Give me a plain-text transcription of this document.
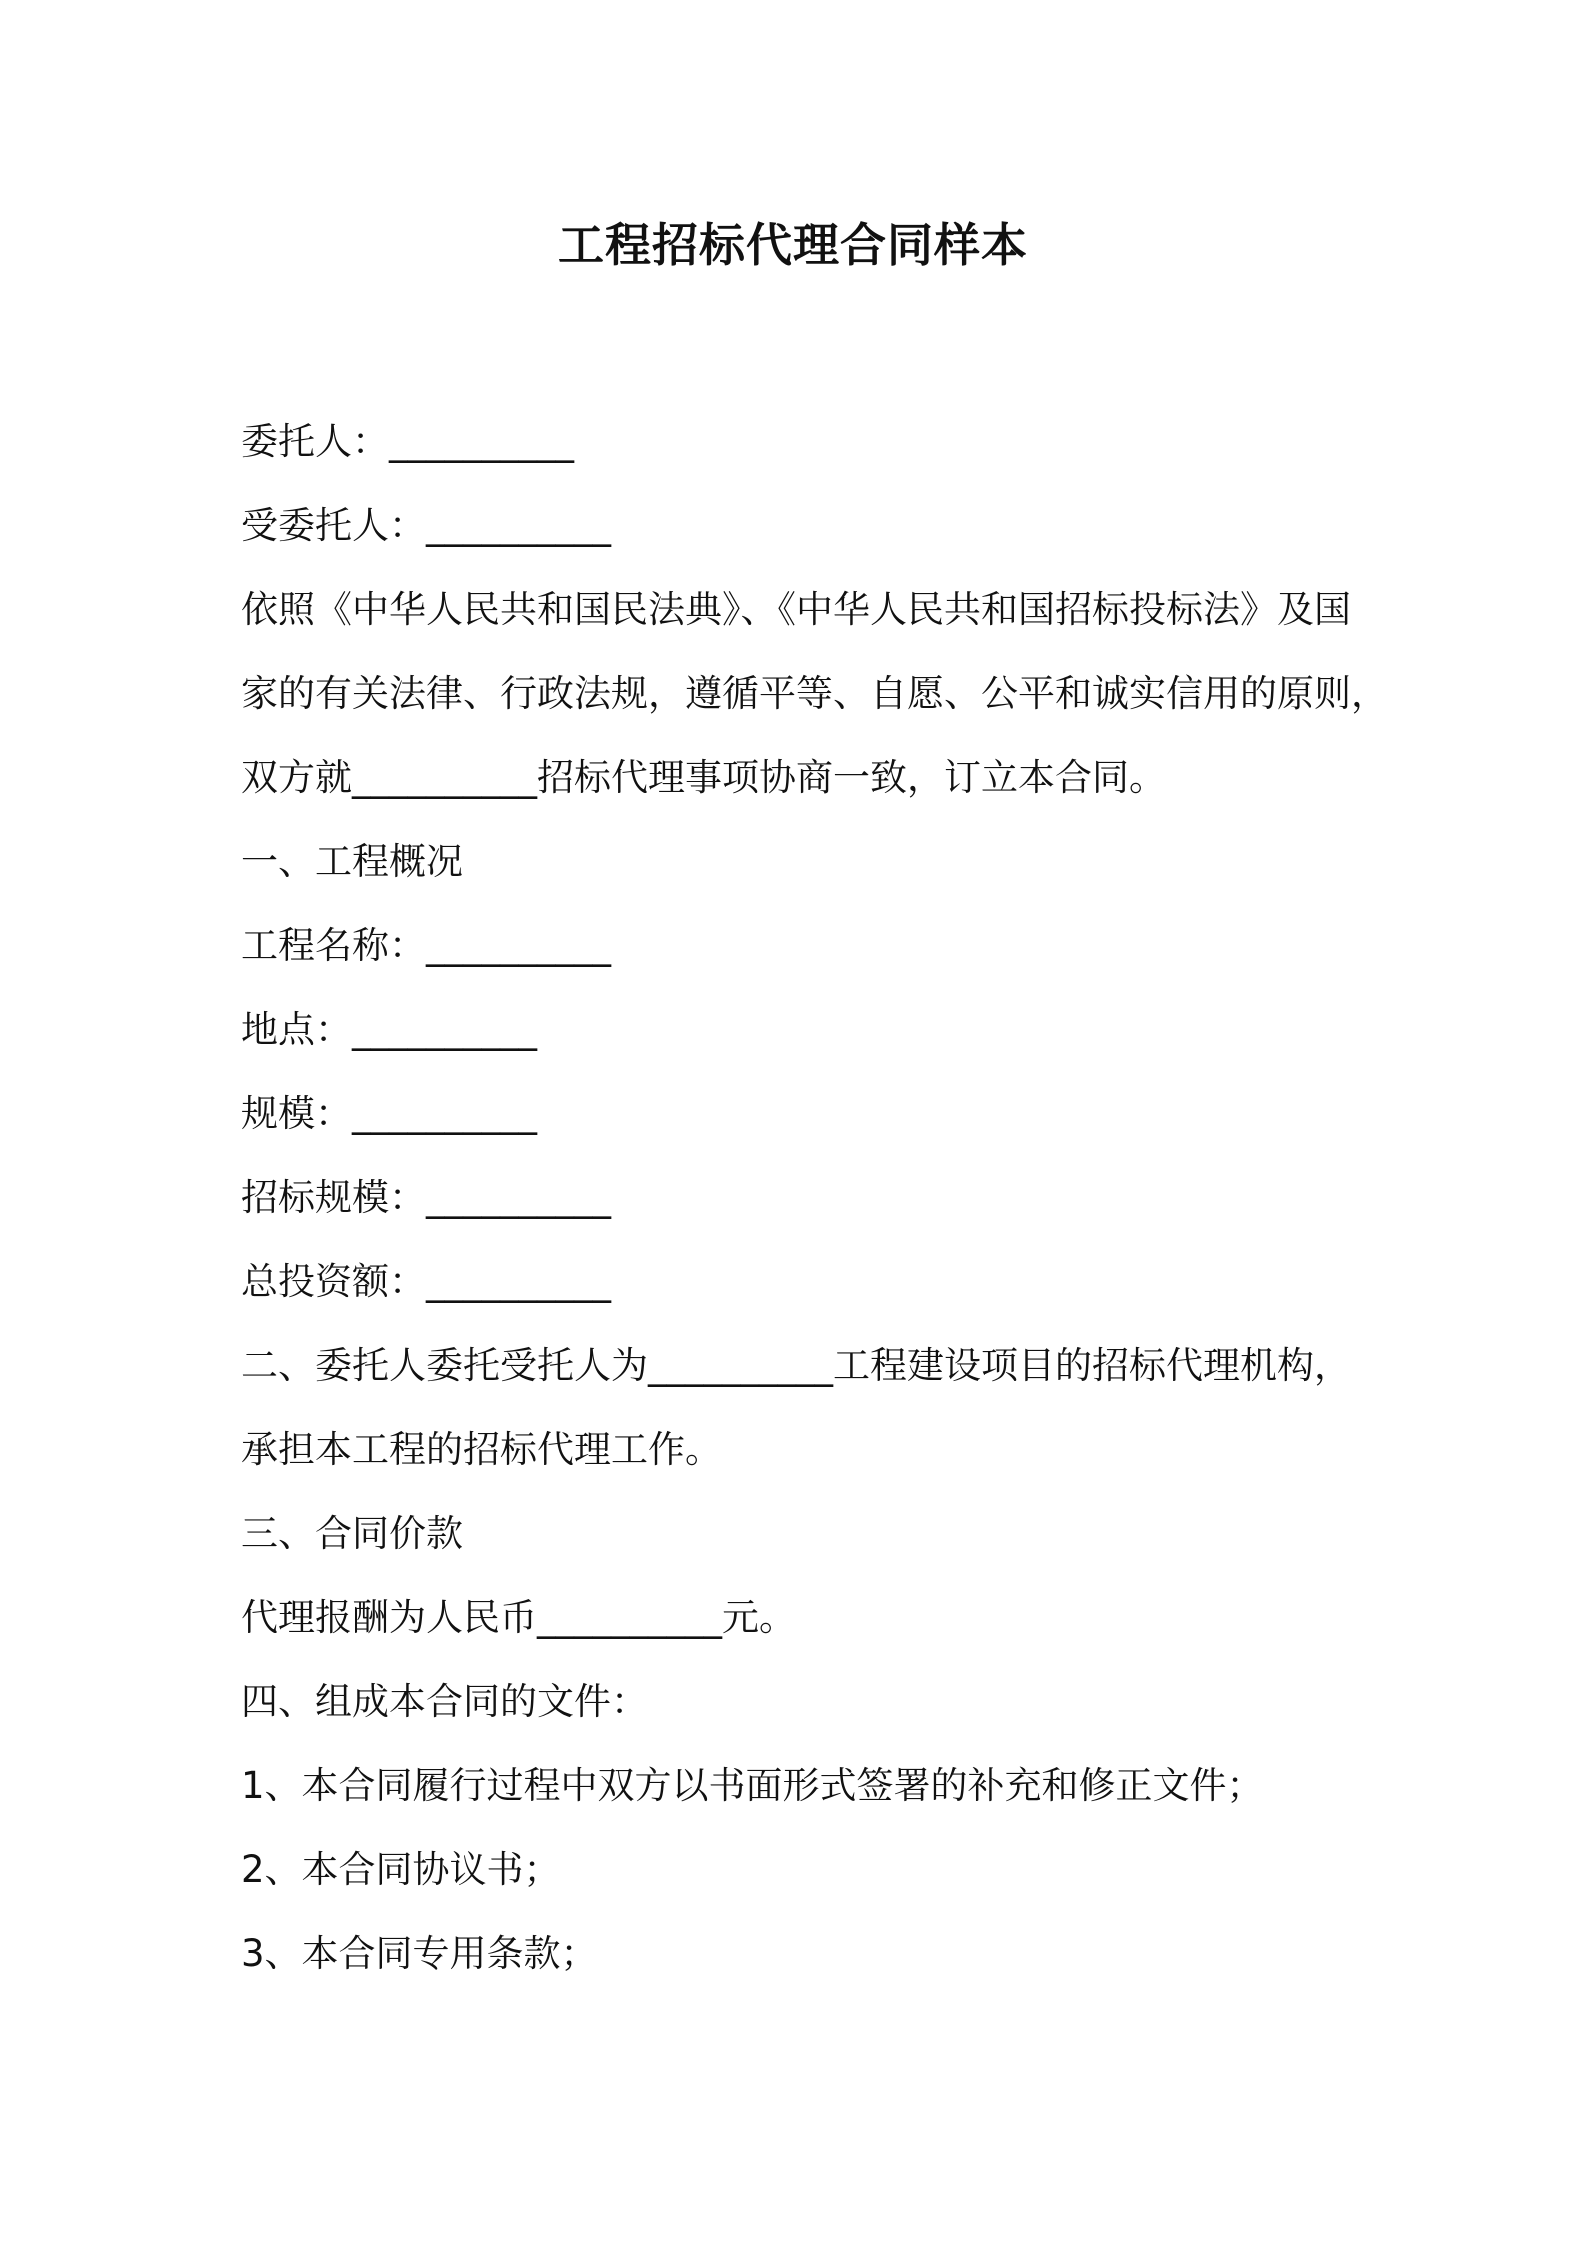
工程招标代理合同样本
委托人：__________
受委托人：__________
依照《中华人民共和国民法典》、《中华人民共和国招标投标法》及国
家的有关法律、行政法规，遵循平等、自愿、公平和诚实信用的原则，
双方就__________招标代理事项协商一致，订立本合同。
一、工程概况
工程名称：__________
地点：__________
规模：__________
招标规模：__________
总投资额：__________
二、委托人委托受托人为__________工程建设项目的招标代理机构，
承担本工程的招标代理工作。
三、合同价款
代理报酬为人民币__________元。
四、组成本合同的文件：
1、本合同履行过程中双方以书面形式签署的补充和修正文件；
2、本合同协议书；
3、本合同专用条款；
